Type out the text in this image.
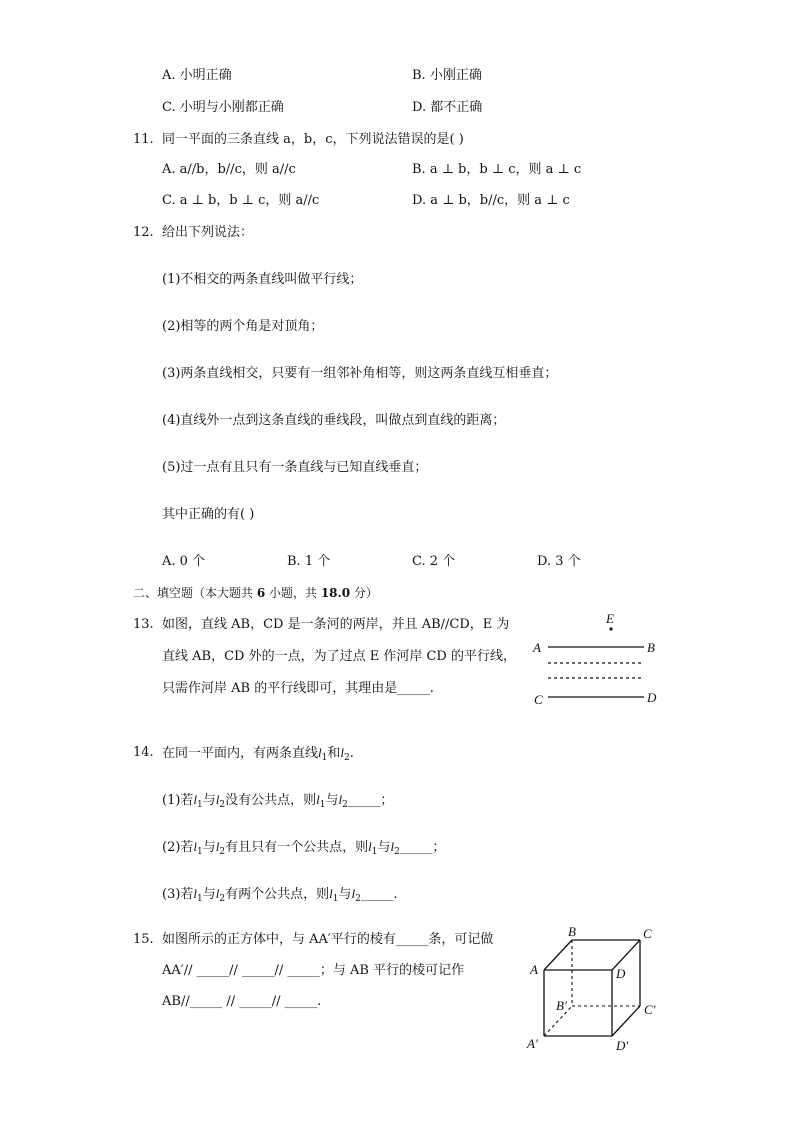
A. 小明正确	B. 小刚正确
C. 小明与小刚都正确	D. 都不正确
11. 同一平面的三条直线 a，b，c，下列说法错误的是( )
A. a//b，b//c，则 a//c	B. a ⊥ b，b ⊥ c，则 a ⊥ c
C. a ⊥ b，b ⊥ c，则 a//c	D. a ⊥ b，b//c，则 a ⊥ c
12. 给出下列说法：
(1)不相交的两条直线叫做平行线；
(2)相等的两个角是对顶角；
(3)两条直线相交，只要有一组邻补角相等，则这两条直线互相垂直；
(4)直线外一点到这条直线的垂线段，叫做点到直线的距离；
(5)过一点有且只有一条直线与已知直线垂直；
其中正确的有( )
A. 0 个	B. 1 个	C. 2 个	D. 3 个
二、填空题（本大题共 6 小题，共 18.0 分）
13. 如图，直线 AB，CD 是一条河的两岸，并且 AB//CD，E 为
直线 AB，CD 外的一点，为了过点 E 作河岸 CD 的平行线，
只需作河岸 AB 的平行线即可，其理由是_____.
E
A	B
C	D
14. 在同一平面内，有两条直线$l_1$和$l_2$.
(1)若$l_1$与$l_2$没有公共点，则$l_1$与$l_2\_\_\_\_\_$；
(2)若$l_1$与$l_2$有且只有一个公共点，则$l_1$与$l_2\_\_\_\_\_$；
(3)若$l_1$与$l_2$有两个公共点，则$l_1$与$l_2\_\_\_\_\_$.
15. 如图所示的正方体中，与 AA′平行的棱有_____条，可记做
AA′// _____// _____// _____；与 AB 平行的棱可记作
AB//_____ // _____// _____.
B	C
A	D
B′	C′
A′	D′
